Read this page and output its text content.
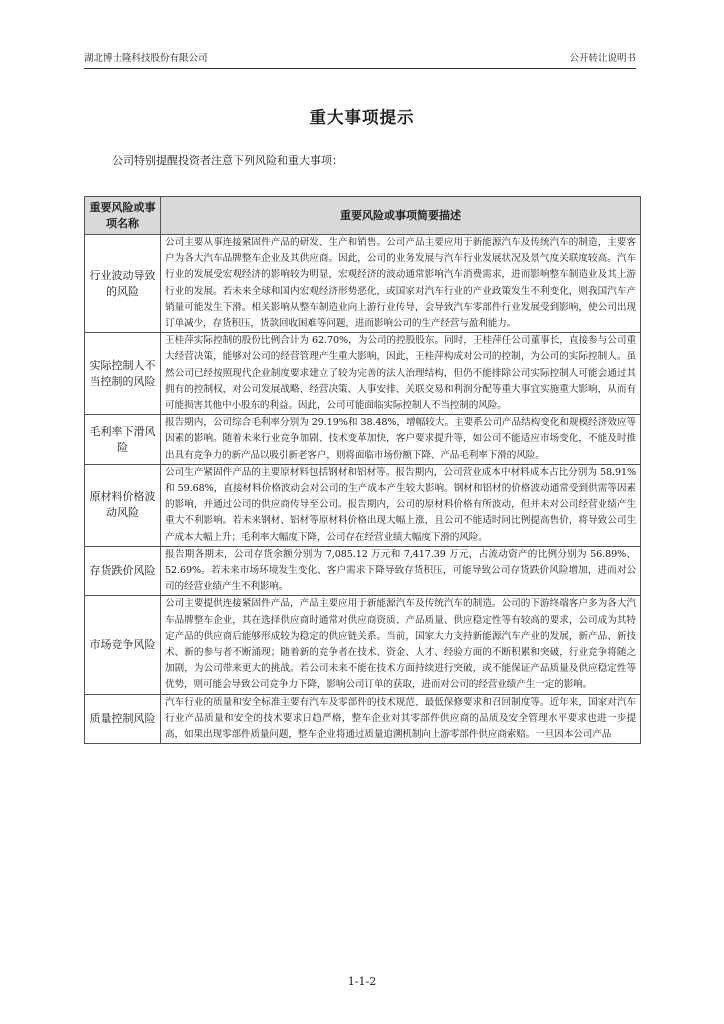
湖北博士隆科技股份有限公司	公开转让说明书
重大事项提示
公司特别提醒投资者注意下列风险和重大事项：
重要风险或事项名称	重要风险或事项简要描述
行业波动导致的风险	公司主要从事连接紧固件产品的研发、生产和销售。公司产品主要应用于新能源汽车及传统汽车的制造，主要客户为各大汽车品牌整车企业及其供应商。因此，公司的业务发展与汽车行业发展状况及景气度关联度较高。汽车行业的发展受宏观经济的影响较为明显，宏观经济的波动通常影响汽车消费需求，进而影响整车制造业及其上游行业的发展。若未来全球和国内宏观经济形势恶化，或国家对汽车行业的产业政策发生不利变化，则我国汽车产销量可能发生下滑。相关影响从整车制造业向上游行业传导，会导致汽车零部件行业发展受到影响，使公司出现订单减少，存货积压，货款回收困难等问题，进而影响公司的生产经营与盈利能力。
实际控制人不当控制的风险	王桂萍实际控制的股份比例合计为 62.70%，为公司的控股股东。同时，王桂萍任公司董事长，直接参与公司重大经营决策，能够对公司的经营管理产生重大影响，因此，王桂萍构成对公司的控制，为公司的实际控制人。虽然公司已经按照现代企业制度要求建立了较为完善的法人治理结构，但仍不能排除公司实际控制人可能会通过其拥有的控制权，对公司发展战略、经营决策、人事安排、关联交易和利润分配等重大事宜实施重大影响，从而有可能损害其他中小股东的利益。因此，公司可能面临实际控制人不当控制的风险。
毛利率下滑风险	报告期内，公司综合毛利率分别为 29.19%和 38.48%，增幅较大。主要系公司产品结构变化和规模经济效应等因素的影响。随着未来行业竞争加剧、技术变革加快，客户要求提升等，如公司不能适应市场变化，不能及时推出具有竞争力的新产品以吸引新老客户，则将面临市场份额下降、产品毛利率下滑的风险。
原材料价格波动风险	公司生产紧固件产品的主要原材料包括钢材和铝材等。报告期内，公司营业成本中材料成本占比分别为 58.91%和 59.68%，直接材料价格波动会对公司的生产成本产生较大影响。钢材和铝材的价格波动通常受到供需等因素的影响，并通过公司的供应商传导至公司。报告期内，公司的原材料价格有所波动，但并未对公司经营业绩产生重大不利影响。若未来钢材、铝材等原材料价格出现大幅上涨，且公司不能适时同比例提高售价，将导致公司生产成本大幅上升；毛利率大幅度下降，公司存在经营业绩大幅度下滑的风险。
存货跌价风险	报告期各期末，公司存货余额分别为 7,085.12 万元和 7,417.39 万元，占流动资产的比例分别为 56.89%、52.69%。若未来市场环境发生变化、客户需求下降导致存货积压，可能导致公司存货跌价风险增加，进而对公司的经营业绩产生不利影响。
市场竞争风险	公司主要提供连接紧固件产品，产品主要应用于新能源汽车及传统汽车的制造。公司的下游终端客户多为各大汽车品牌整车企业，其在选择供应商时通常对供应商资质、产品质量、供应稳定性等有较高的要求，公司成为其特定产品的供应商后能够形成较为稳定的供应链关系。当前，国家大力支持新能源汽车产业的发展，新产品、新技术、新的参与者不断涌现；随着新的竞争者在技术、资金、人才、经验方面的不断积累和突破，行业竞争将随之加剧，为公司带来更大的挑战。若公司未来不能在技术方面持续进行突破，或不能保证产品质量及供应稳定性等优势，则可能会导致公司竞争力下降，影响公司订单的获取，进而对公司的经营业绩产生一定的影响。
质量控制风险	汽车行业的质量和安全标准主要有汽车及零部件的技术规范、最低保修要求和召回制度等。近年来，国家对汽车行业产品质量和安全的技术要求日趋严格，整车企业对其零部件供应商的品质及安全管理水平要求也进一步提高，如果出现零部件质量问题，整车企业将通过质量追溯机制向上游零部件供应商索赔。一旦因本公司产品
1-1-2
